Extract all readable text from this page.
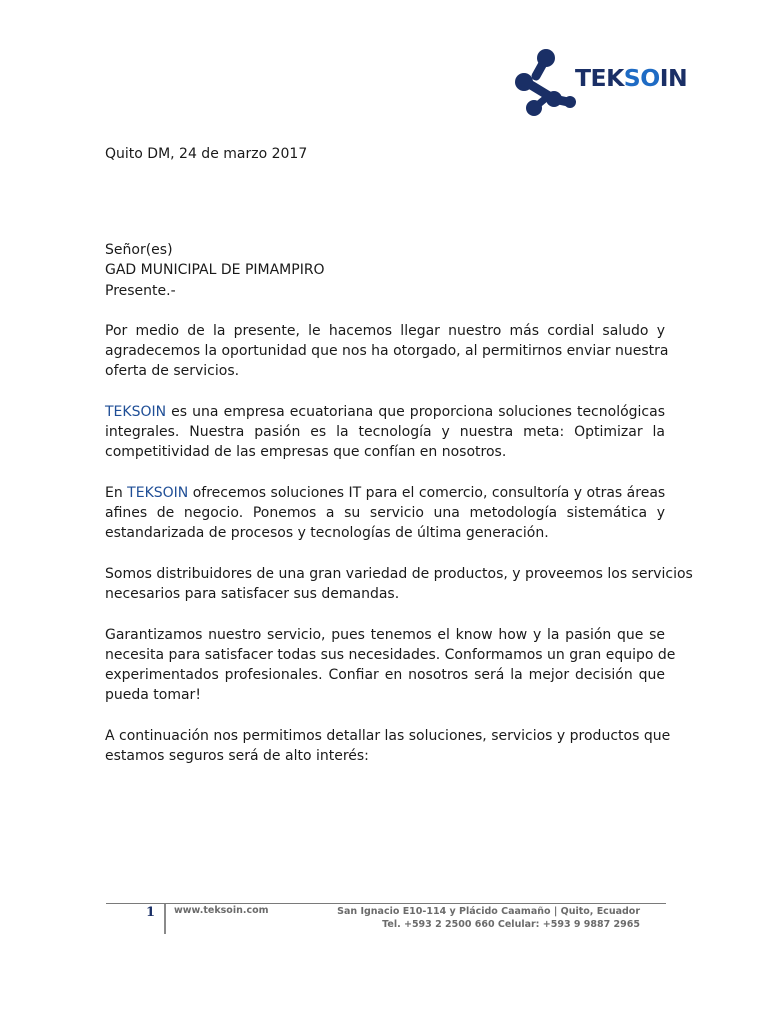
TEKSOIN

Quito DM, 24 de marzo 2017

Señor(es)

GAD MUNICIPAL DE PIMAMPIRO

Presente.-

Por medio de la presente, le hacemos llegar nuestro más cordial saludo y
agradecemos la oportunidad que nos ha otorgado, al permitirnos enviar nuestra
oferta de servicios.
TEKSOIN es una empresa ecuatoriana que proporciona soluciones tecnológicas
integrales. Nuestra pasión es la tecnología y nuestra meta: Optimizar la
competitividad de las empresas que confían en nosotros.
En TEKSOIN ofrecemos soluciones IT para el comercio, consultoría y otras áreas
afines de negocio. Ponemos a su servicio una metodología sistemática y
estandarizada de procesos y tecnologías de última generación.
Somos distribuidores de una gran variedad de productos, y proveemos los servicios
necesarios para satisfacer sus demandas.
Garantizamos nuestro servicio, pues tenemos el know how y la pasión que se
necesita para satisfacer todas sus necesidades. Conformamos un gran equipo de
experimentados profesionales. Confiar en nosotros será la mejor decisión que
pueda tomar!
A continuación nos permitimos detallar las soluciones, servicios y productos que
estamos seguros será de alto interés:
1 www.teksoin.com	San Ignacio E10-114 y Plácido Caamaño | Quito, Ecuador
Tel. +593 2 2500 660 Celular: +593 9 9887 2965
